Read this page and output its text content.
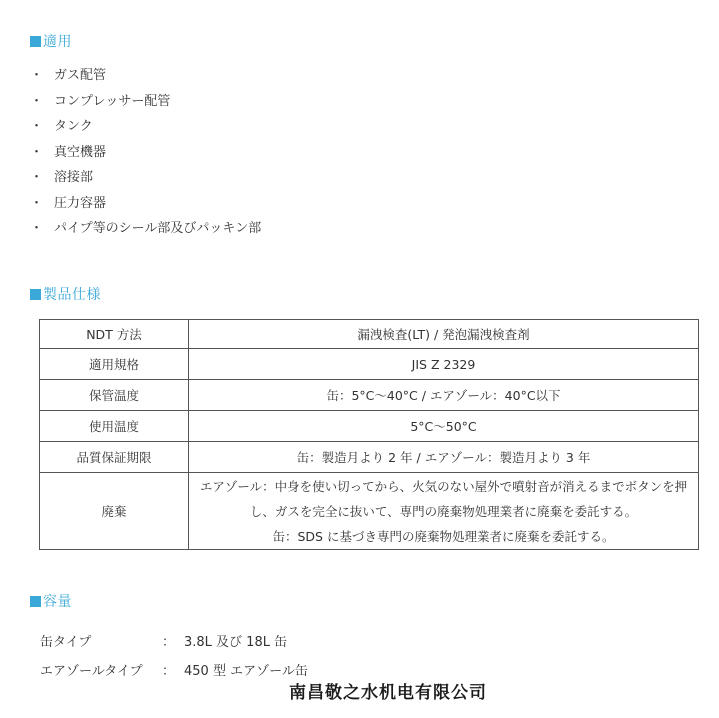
適用
・ ガス配管
・ コンプレッサー配管
・ タンク
・ 真空機器
・ 溶接部
・ 圧力容器
・ パイプ等のシール部及びパッキン部
製品仕様
NDT 方法	漏洩検査(LT) / 発泡漏洩検査剤
適用規格	JIS Z 2329
保管温度	缶：5°C～40°C / エアゾール：40°C以下
使用温度	5°C～50°C
品質保証期限	缶：製造月より 2 年 / エアゾール：製造月より 3 年
廃棄	エアゾール：中身を使い切ってから、火気のない屋外で噴射音が消えるまでボタンを押し、ガスを完全に抜いて、専門の廃棄物処理業者に廃棄を委託する。
缶：SDS に基づき専門の廃棄物処理業者に廃棄を委託する。
容量
缶タイプ	： 3.8L 及び 18L 缶
エアゾールタイプ ： 450 型 エアゾール缶
南昌敬之水机电有限公司
